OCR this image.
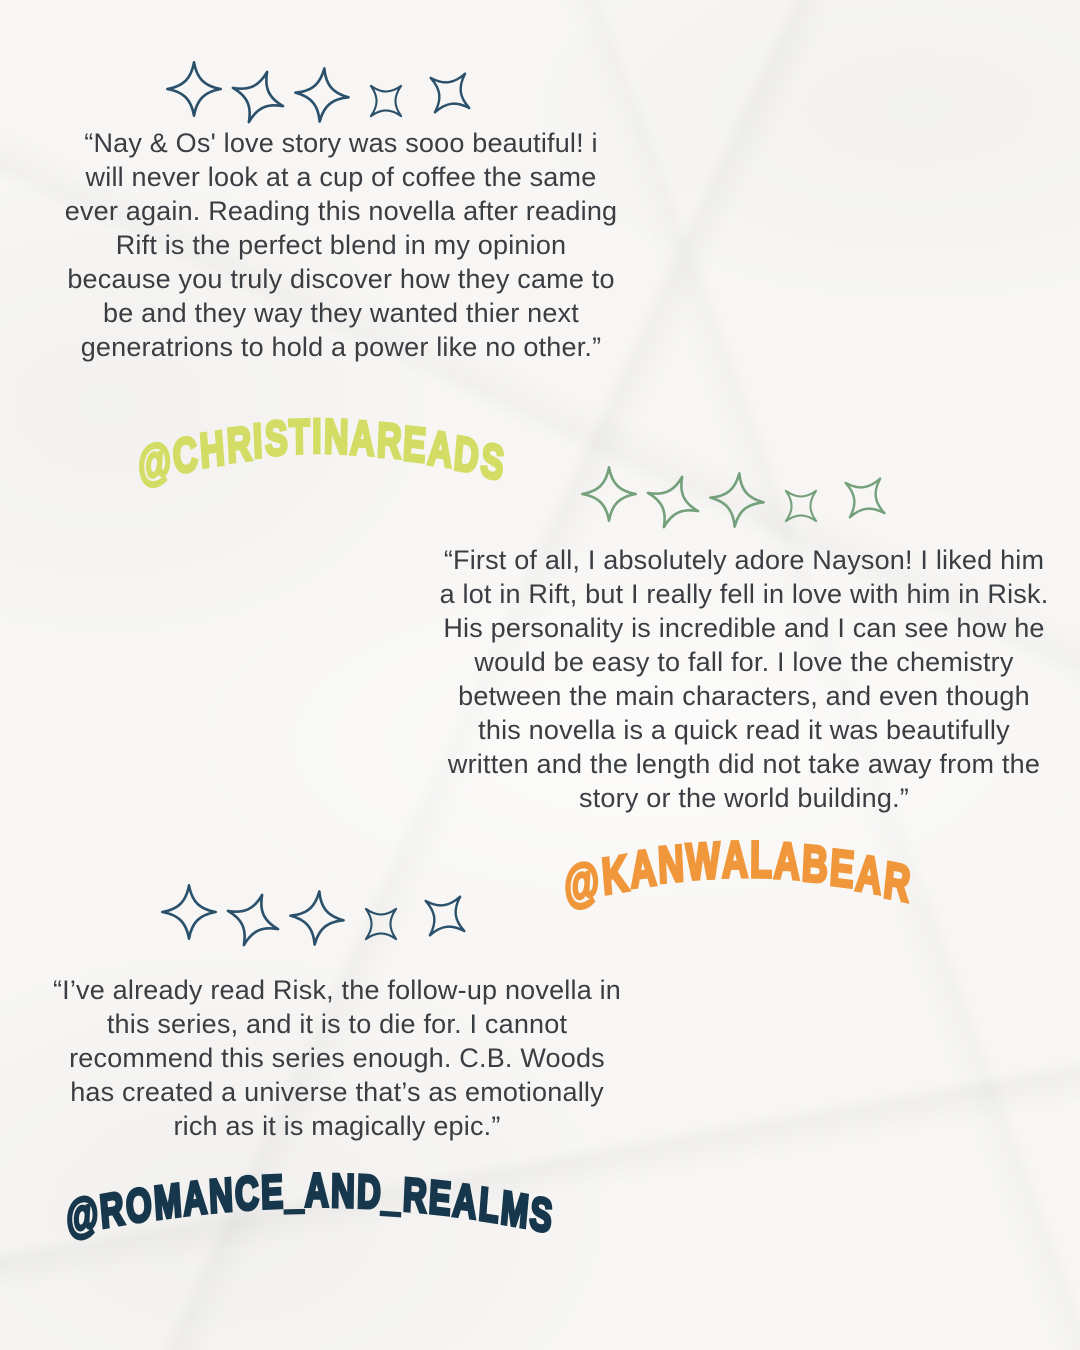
“Nay & Os' love story was sooo beautiful! i will never look at a cup of coffee the same ever again. Reading this novella after reading Rift is the perfect blend in my opinion because you truly discover how they came to be and they way they wanted thier next generatrions to hold a power like no other.”
@
C
H
R
I
S
T I N
A
R
E
A
D
S
“First of all, I absolutely adore Nayson! I liked him a lot in Rift, but I really fell in love with him in Risk. His personality is incredible and I can see how he would be easy to fall for. I love the chemistry between the main characters, and even though this novella is a quick read it was beautifully written and the length did not take away from the story or the world building.”
@
K
A
N
W
A L
A
B
E
A
R
“I’ve already read Risk, the follow-up novella in this series, and it is to die for. I cannot recommend this series enough. C.B. Woods has created a universe that’s as emotionally rich as it is magically epic.”
@
R
O
M
A
N
C
E _ A N D
_
R
E
A
L
M
S
